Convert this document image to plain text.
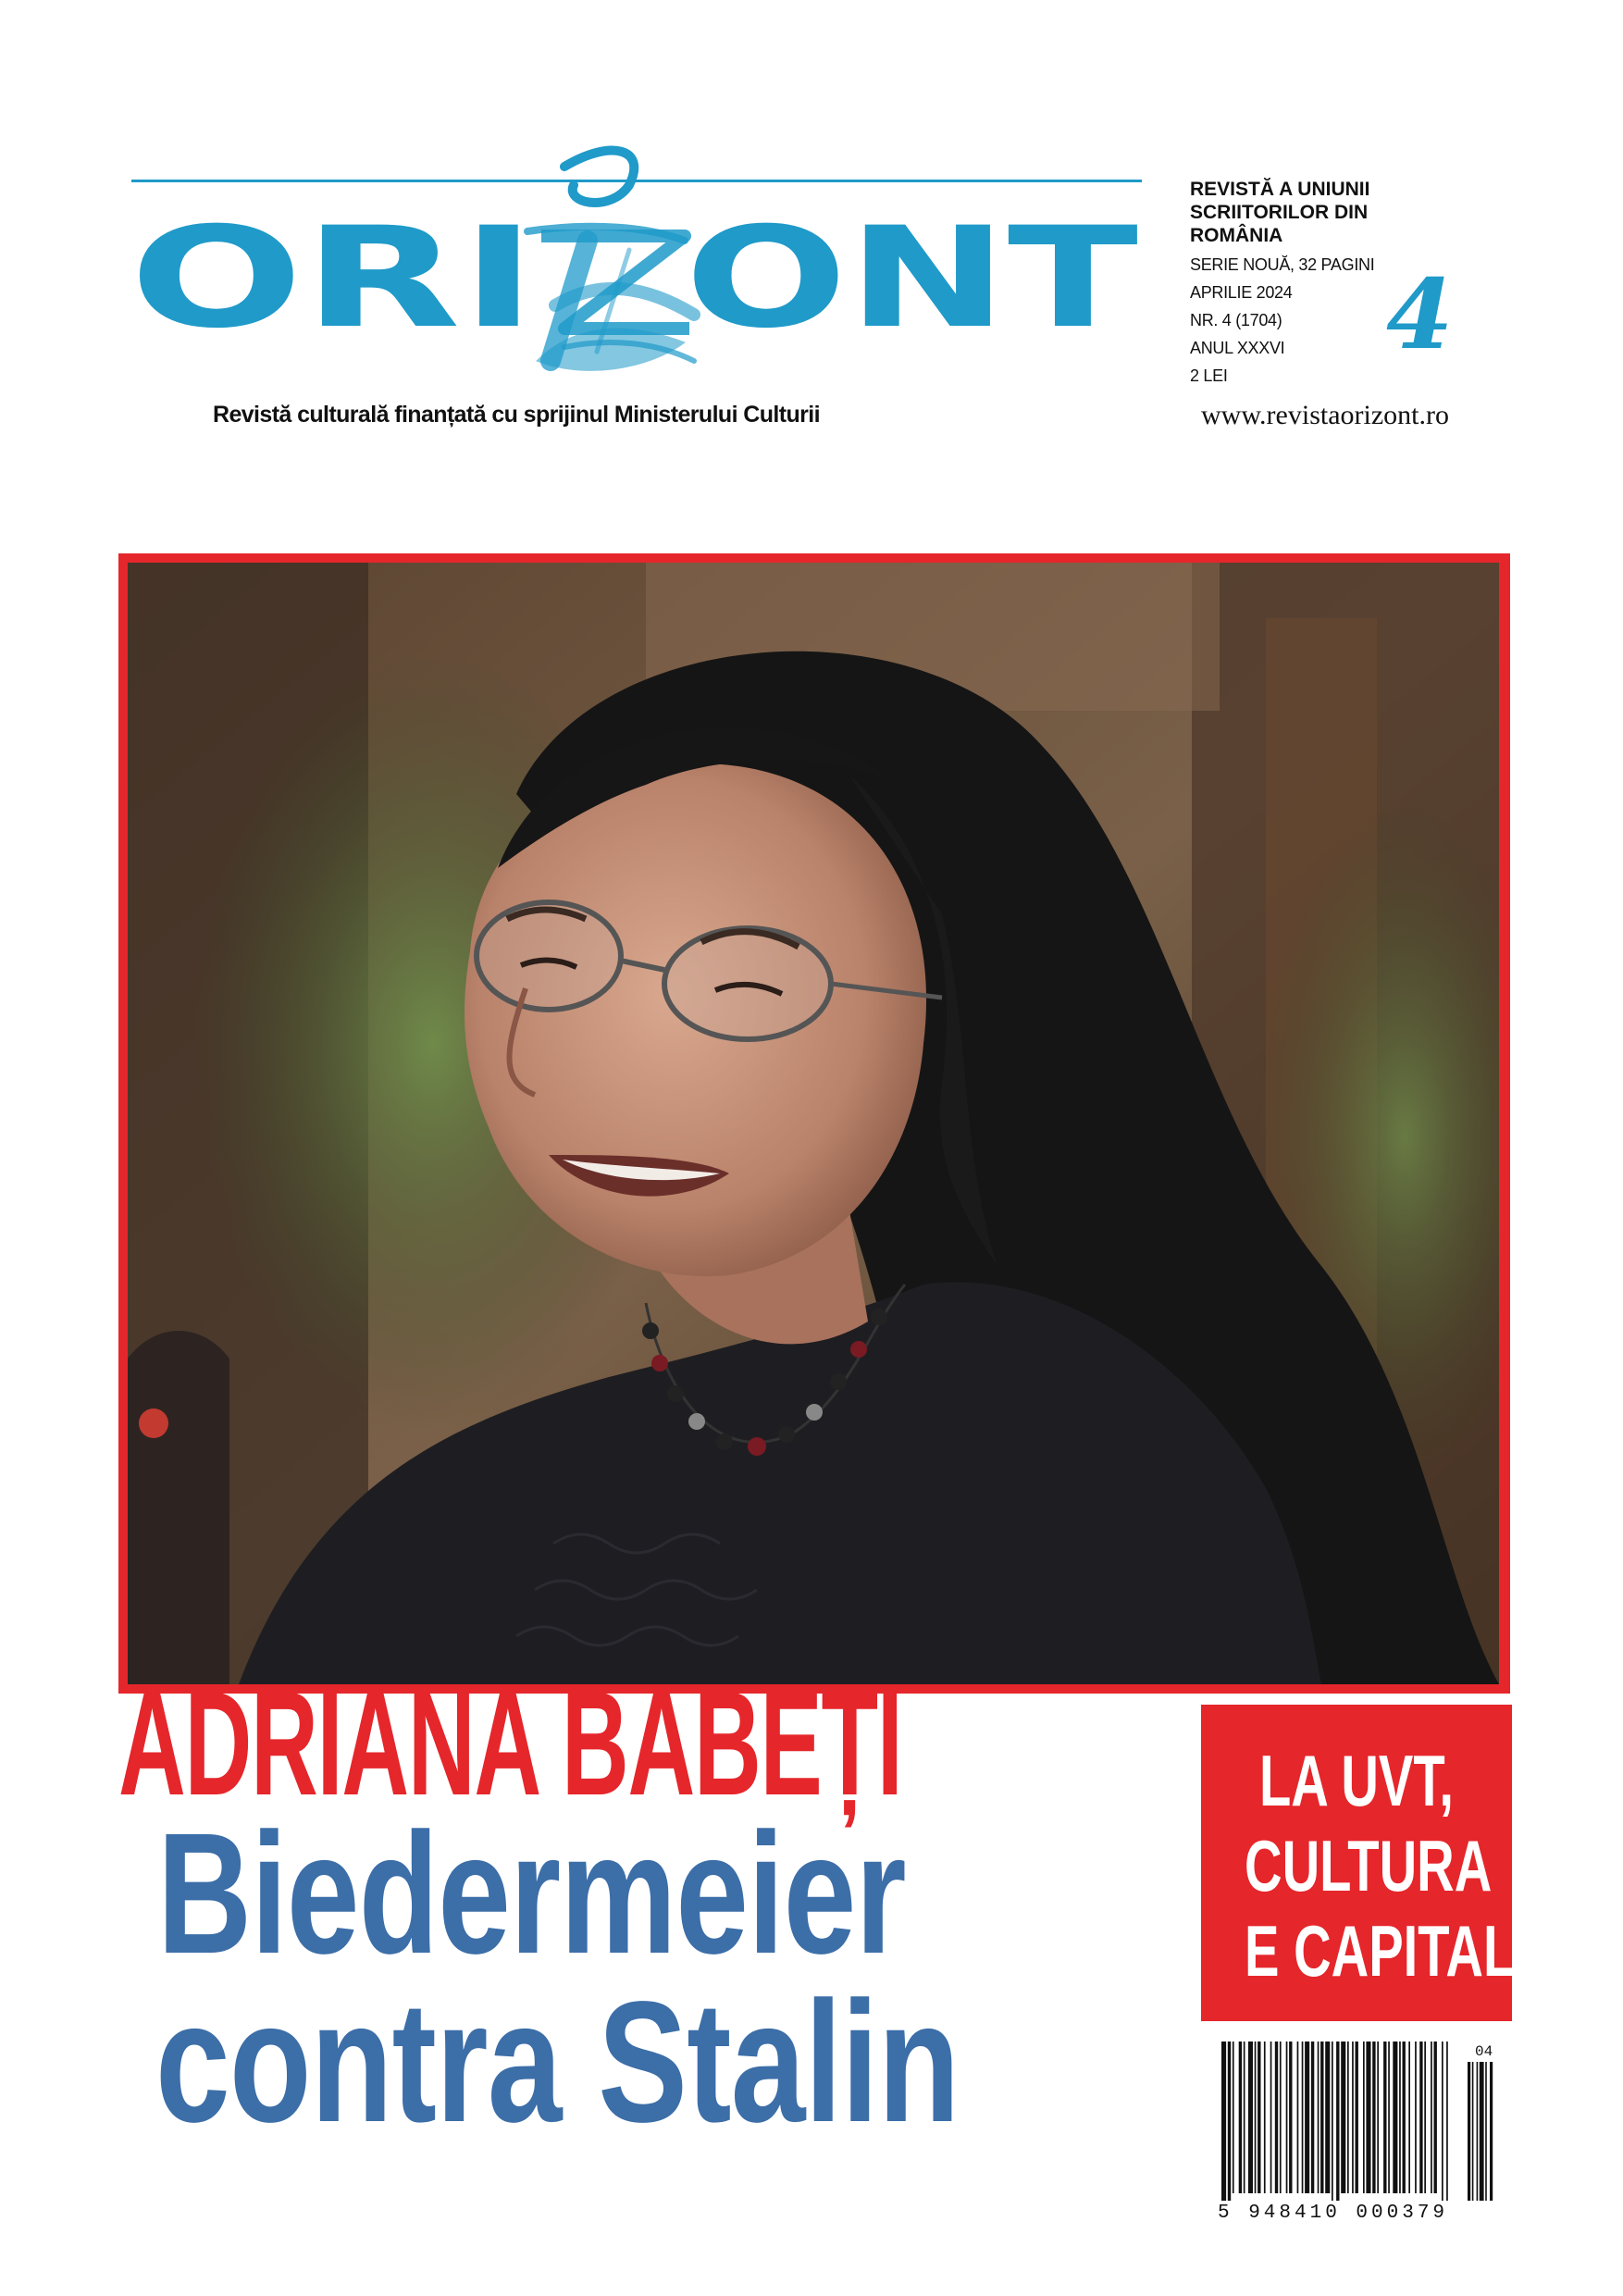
ORI ONT
Revistă culturală finanțată cu sprijinul Ministerului Culturii

REVISTĂ A UNIUNII

SCRIITORILOR DIN

ROMÂNIA

SERIE NOUĂ, 32 PAGINI

APRILIE 2024

NR. 4 (1704)

ANUL XXXVI

2 LEI

4
www.revistaorizont.ro
ADRIANA BABEȚI
Biedermeier
contra Stalin
LA UVT,
CULTURA
E CAPITALĂ
04
5 948410 000379
